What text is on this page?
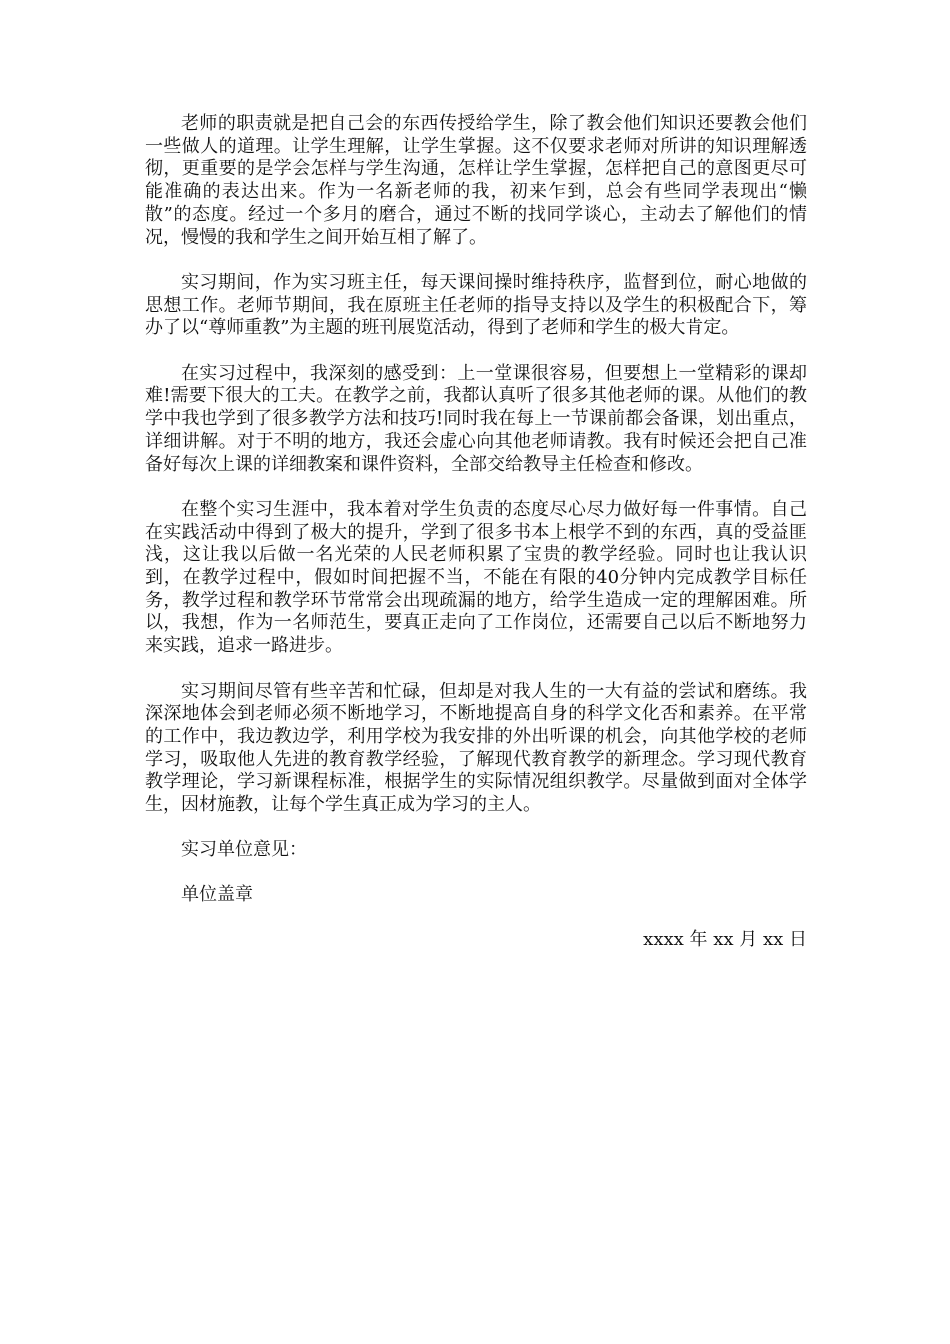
老师的职责就是把自己会的东西传授给学生，除了教会他们知识还要教会他们一些做人的道理。让学生理解，让学生掌握。这不仅要求老师对所讲的知识理解透彻，更重要的是学会怎样与学生沟通，怎样让学生掌握，怎样把自己的意图更尽可能准确的表达出来。作为一名新老师的我，初来乍到，总会有些同学表现出“懒散”的态度。经过一个多月的磨合，通过不断的找同学谈心，主动去了解他们的情况，慢慢的我和学生之间开始互相了解了。

实习期间，作为实习班主任，每天课间操时维持秩序，监督到位，耐心地做的思想工作。老师节期间，我在原班主任老师的指导支持以及学生的积极配合下，筹办了以“尊师重教”为主题的班刊展览活动，得到了老师和学生的极大肯定。

在实习过程中，我深刻的感受到：上一堂课很容易，但要想上一堂精彩的课却难!需要下很大的工夫。在教学之前，我都认真听了很多其他老师的课。从他们的教学中我也学到了很多教学方法和技巧!同时我在每上一节课前都会备课，划出重点，详细讲解。对于不明的地方，我还会虚心向其他老师请教。我有时候还会把自己准备好每次上课的详细教案和课件资料，全部交给教导主任检查和修改。

在整个实习生涯中，我本着对学生负责的态度尽心尽力做好每一件事情。自己在实践活动中得到了极大的提升，学到了很多书本上根学不到的东西，真的受益匪浅，这让我以后做一名光荣的人民老师积累了宝贵的教学经验。同时也让我认识到，在教学过程中，假如时间把握不当，不能在有限的40分钟内完成教学目标任务，教学过程和教学环节常常会出现疏漏的地方，给学生造成一定的理解困难。所以，我想，作为一名师范生，要真正走向了工作岗位，还需要自己以后不断地努力来实践，追求一路进步。

实习期间尽管有些辛苦和忙碌，但却是对我人生的一大有益的尝试和磨练。我深深地体会到老师必须不断地学习，不断地提高自身的科学文化否和素养。在平常的工作中，我边教边学，利用学校为我安排的外出听课的机会，向其他学校的老师学习，吸取他人先进的教育教学经验，了解现代教育教学的新理念。学习现代教育教学理论，学习新课程标准，根据学生的实际情况组织教学。尽量做到面对全体学生，因材施教，让每个学生真正成为学习的主人。

实习单位意见：

单位盖章

xxxx 年 xx 月 xx 日
